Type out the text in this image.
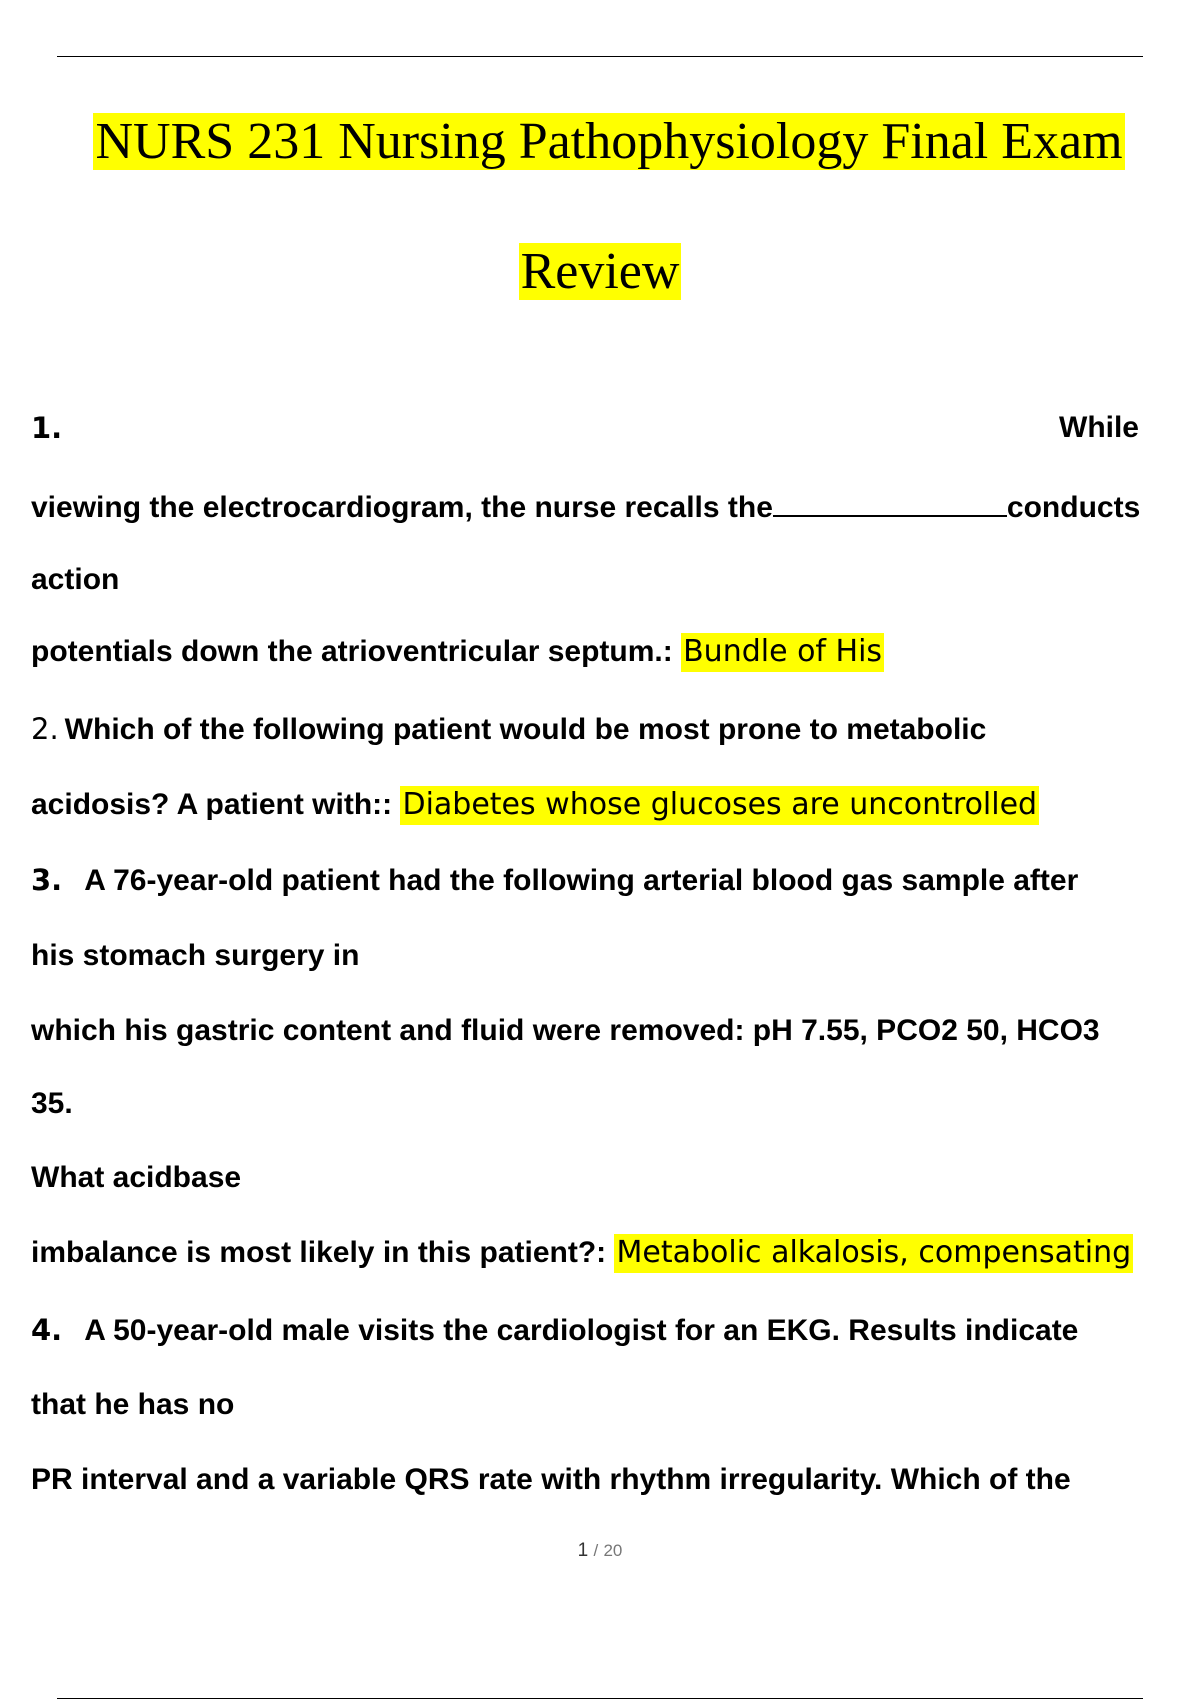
NURS 231 Nursing Pathophysiology Final Exam
Review
1.	While
viewing the electrocardiogram, the nurse recalls the	conducts
action
potentials down the atrioventricular septum.: Bundle of His
2. Which of the following patient would be most prone to metabolic
acidosis? A patient with:: Diabetes whose glucoses are uncontrolled
3. A 76-year-old patient had the following arterial blood gas sample after
his stomach surgery in
which his gastric content and fluid were removed: pH 7.55, PCO2 50, HCO3
35.
What acidbase
imbalance is most likely in this patient?: Metabolic alkalosis, compensating
4. A 50-year-old male visits the cardiologist for an EKG. Results indicate
that he has no
PR interval and a variable QRS rate with rhythm irregularity. Which of the
1 / 20
